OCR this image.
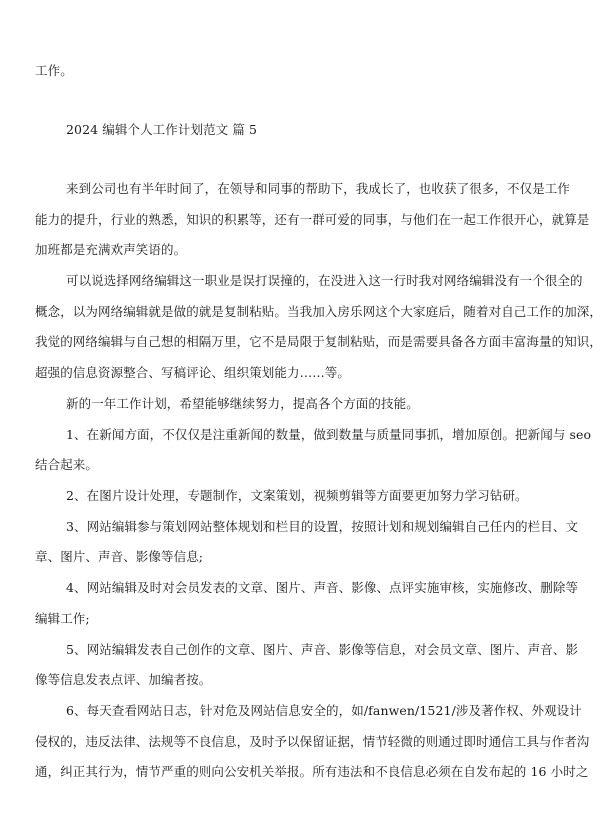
工作。
2024 编辑个人工作计划范文 篇 5
来到公司也有半年时间了，在领导和同事的帮助下，我成长了，也收获了很多，不仅是工作
能力的提升，行业的熟悉，知识的积累等，还有一群可爱的同事，与他们在一起工作很开心，就算是
加班都是充满欢声笑语的。
可以说选择网络编辑这一职业是误打误撞的，在没进入这一行时我对网络编辑没有一个很全的
概念，以为网络编辑就是做的就是复制粘贴。当我加入房乐网这个大家庭后，随着对自己工作的加深，
我觉的网络编辑与自己想的相隔万里，它不是局限于复制粘贴，而是需要具备各方面丰富海量的知识，
超强的信息资源整合、写稿评论、组织策划能力……等。
新的一年工作计划，希望能够继续努力，提高各个方面的技能。
1、在新闻方面，不仅仅是注重新闻的数量，做到数量与质量同事抓，增加原创。把新闻与 seo
结合起来。
2、在图片设计处理，专题制作，文案策划，视频剪辑等方面要更加努力学习钻研。
3、网站编辑参与策划网站整体规划和栏目的设置，按照计划和规划编辑自己任内的栏目、文
章、图片、声音、影像等信息;
4、网站编辑及时对会员发表的文章、图片、声音、影像、点评实施审核，实施修改、删除等
编辑工作;
5、网站编辑发表自己创作的文章、图片、声音、影像等信息，对会员文章、图片、声音、影
像等信息发表点评、加编者按。
6、每天查看网站日志，针对危及网站信息安全的，如/fanwen/1521/涉及著作权、外观设计
侵权的，违反法律、法规等不良信息，及时予以保留证据，情节轻微的则通过即时通信工具与作者沟
通，纠正其行为，情节严重的则向公安机关举报。所有违法和不良信息必须在自发布起的 16 小时之
